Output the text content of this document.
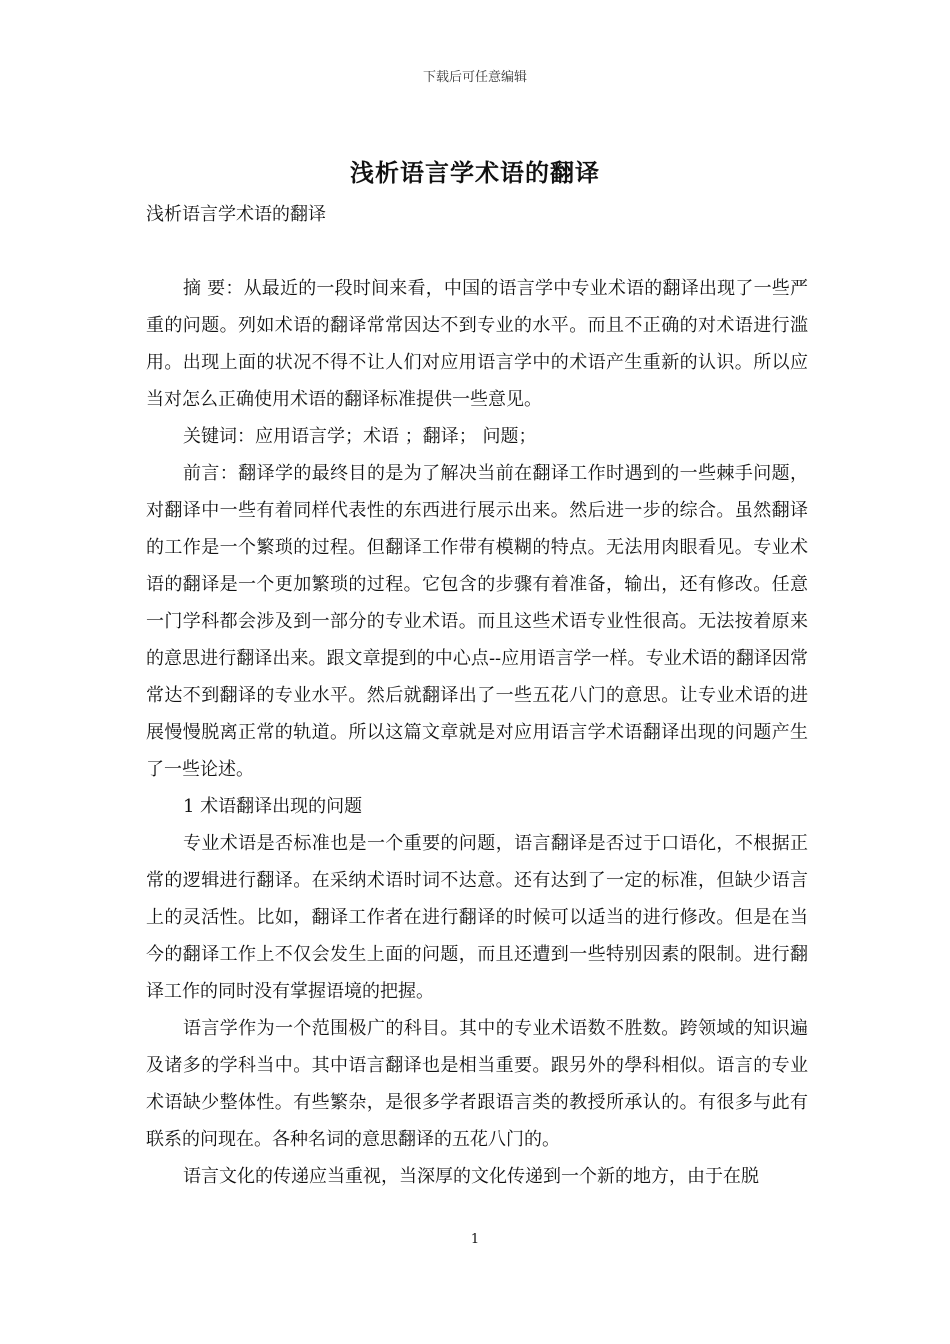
下载后可任意编辑
浅析语言学术语的翻译
浅析语言学术语的翻译

摘 要：从最近的一段时间来看，中国的语言学中专业术语的翻译出现了一些严重的问题。列如术语的翻译常常因达不到专业的水平。而且不正确的对术语进行滥用。出现上面的状况不得不让人们对应用语言学中的术语产生重新的认识。所以应当对怎么正确使用术语的翻译标准提供一些意见。

关键词：应用语言学；术语 ；翻译； 问题；

前言：翻译学的最终目的是为了解决当前在翻译工作时遇到的一些棘手问题，对翻译中一些有着同样代表性的东西进行展示出来。然后进一步的综合。虽然翻译的工作是一个繁琐的过程。但翻译工作带有模糊的特点。无法用肉眼看见。专业术语的翻译是一个更加繁琐的过程。它包含的步骤有着准备，输出，还有修改。任意一门学科都会涉及到一部分的专业术语。而且这些术语专业性很高。无法按着原来的意思进行翻译出来。跟文章提到的中心点--应用语言学一样。专业术语的翻译因常常达不到翻译的专业水平。然后就翻译出了一些五花八门的意思。让专业术语的进展慢慢脱离正常的轨道。所以这篇文章就是对应用语言学术语翻译出现的问题产生了一些论述。

1 术语翻译出现的问题

专业术语是否标准也是一个重要的问题，语言翻译是否过于口语化，不根据正常的逻辑进行翻译。在采纳术语时词不达意。还有达到了一定的标准，但缺少语言上的灵活性。比如，翻译工作者在进行翻译的时候可以适当的进行修改。但是在当今的翻译工作上不仅会发生上面的问题，而且还遭到一些特别因素的限制。进行翻译工作的同时没有掌握语境的把握。

语言学作为一个范围极广的科目。其中的专业术语数不胜数。跨领域的知识遍及诸多的学科当中。其中语言翻译也是相当重要。跟另外的學科相似。语言的专业术语缺少整体性。有些繁杂，是很多学者跟语言类的教授所承认的。有很多与此有联系的问现在。各种名词的意思翻译的五花八门的。

语言文化的传递应当重视，当深厚的文化传递到一个新的地方，由于在脱

1
